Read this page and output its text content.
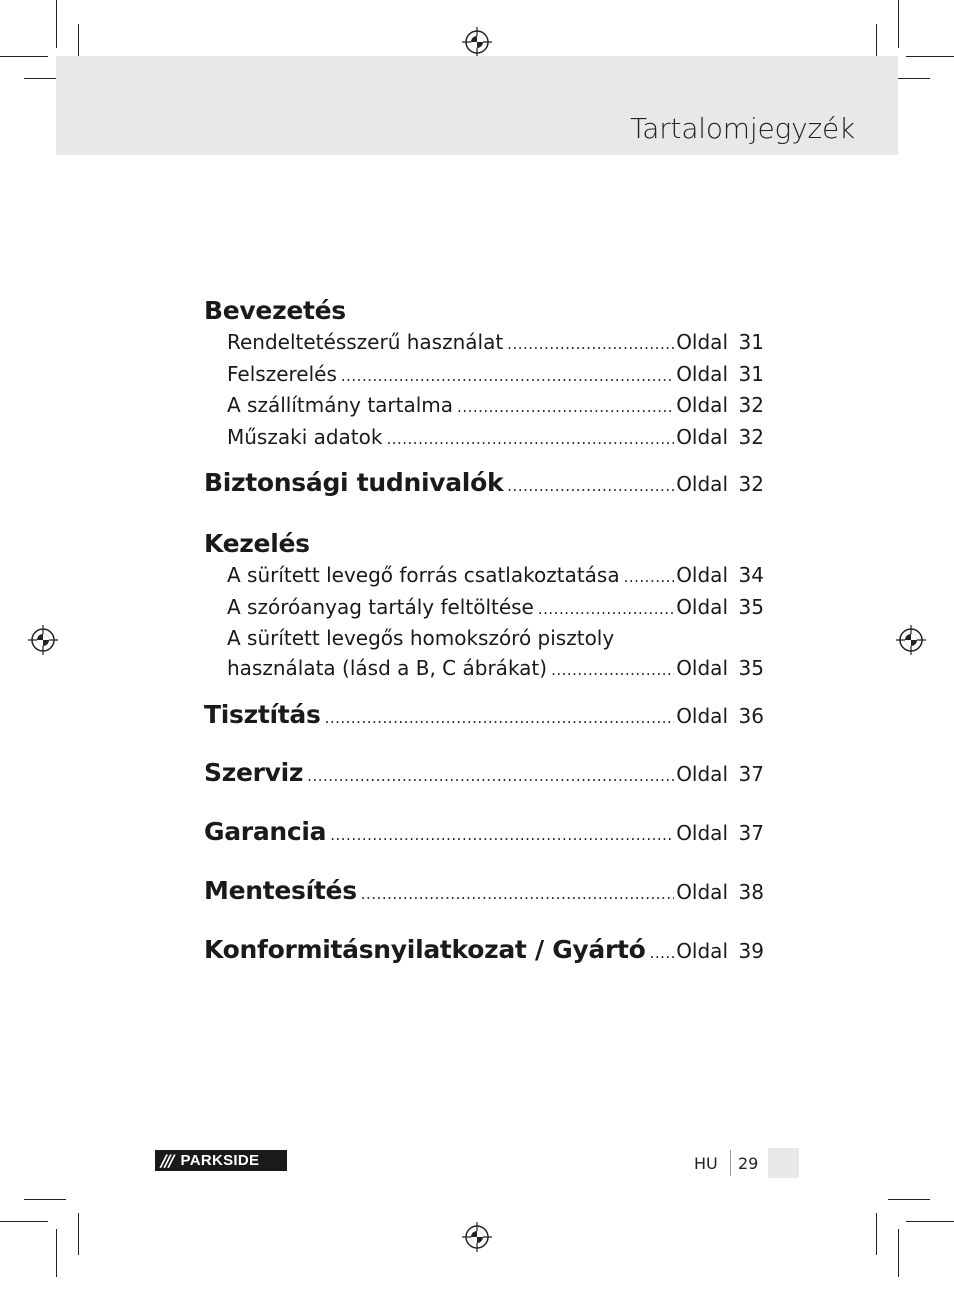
Tartalomjegyzék
Bevezetés
Rendeltetésszerű használat .....	Oldal 31
Felszerelés .....	Oldal 31
A szállítmány tartalma .....	Oldal 32
Műszaki adatok .....	Oldal 32
Biztonsági tudnivalók .....	Oldal 32
Kezelés
A sürített levegő forrás csatlakoztatása .....	Oldal 34
A szóróanyag tartály feltöltése .....	Oldal 35
A sürített levegős homokszóró pisztoly
használata (lásd a B, C ábrákat) .....	Oldal 35
Tisztítás .....	Oldal 36
Szerviz .....	Oldal 37
Garancia .....	Oldal 37
Mentesítés .....	Oldal 38
Konformitásnyilatkozat / Gyártó ..... Oldal 39
/// PARKSIDE	HU 29
